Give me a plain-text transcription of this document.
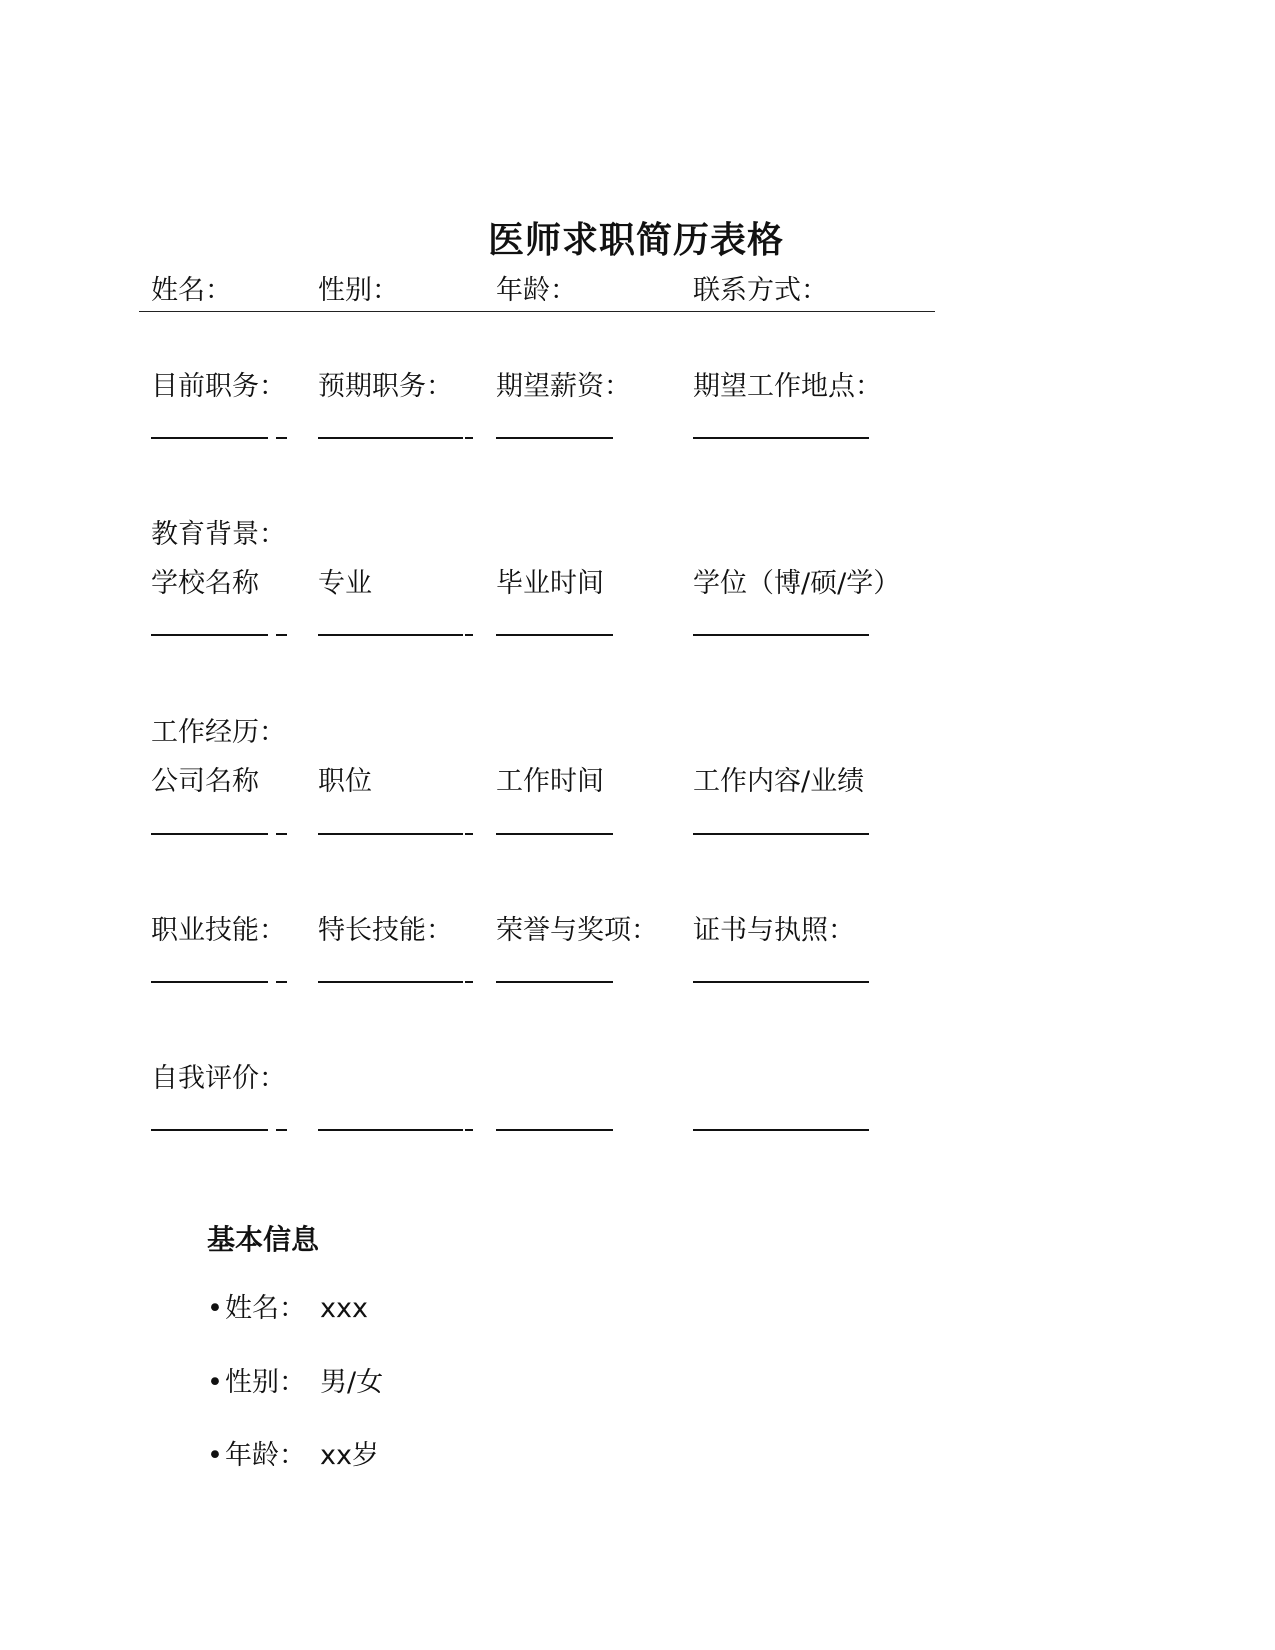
医师求职简历表格
姓名：	性别：	年龄：	联系方式：
目前职务： 预期职务： 期望薪资： 期望工作地点：
教育背景：
学校名称 专业	毕业时间	学位（博/硕/学）
工作经历：
公司名称 职位	工作时间	工作内容/业绩
职业技能： 特长技能： 荣誉与奖项： 证书与执照：
自我评价：
基本信息
•姓名： xxx
•性别： 男/女
•年龄： xx岁
